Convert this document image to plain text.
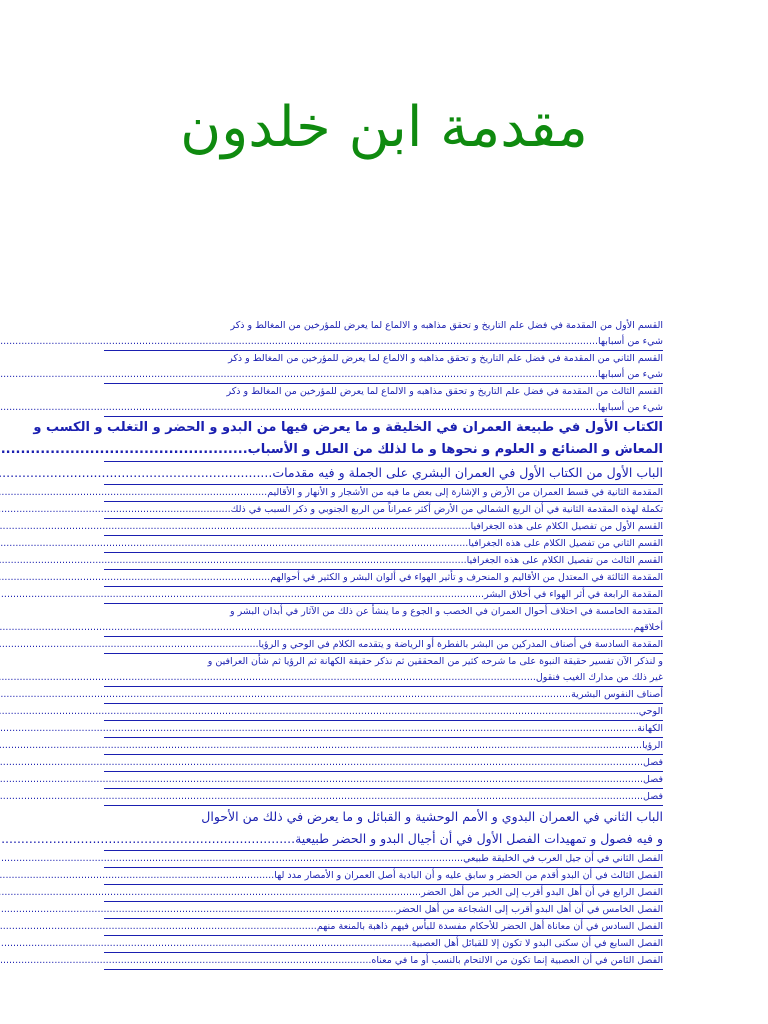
مقدمة ابن خلدون
القسم الأول من المقدمة في فضل علم التاريخ و تحقق مذاهبه و الالماع لما يعرض للمؤرخين من المغالط و ذكر
شيء من أسبابها
.....
القسم الثاني من المقدمة في فضل علم التاريخ و تحقق مذاهبه و الالماع لما يعرض للمؤرخين من المغالط و ذكر
شيء من أسبابها
.....
القسم الثالث من المقدمة في فضل علم التاريخ و تحقق مذاهبه و الالماع لما يعرض للمؤرخين من المغالط و ذكر
شيء من أسبابها
.....
الكتاب الأول في طبيعة العمران في الخليقة و ما يعرض فيها من البدو و الحضر و التغلب و الكسب و
المعاش و الصنائع و العلوم و نحوها و ما لذلك من العلل و الأسباب
.....
الباب الأول من الكتاب الأول في العمران البشري على الجملة و فيه مقدمات
.....
المقدمة الثانية في قسط العمران من الأرض و الإشارة إلى بعض ما فيه من الأشجار و الأنهار و الأقاليم
.....
تكملة لهذه المقدمة الثانية في أن الربع الشمالي من الأرض أكثر عمراناً من الربع الجنوبي و ذكر السبب في ذلك
.....
القسم الأول من تفصيل الكلام على هذه الجغرافيا
.....
القسم الثاني من تفصيل الكلام على هذه الجغرافيا
.....
القسم الثالث من تفصيل الكلام على هذه الجغرافيا
.....
المقدمة الثالثة في المعتدل من الأقاليم و المنحرف و تأثير الهواء في ألوان البشر و الكثير في أحوالهم
.....
المقدمة الرابعة في أثر الهواء في أخلاق البشر
.....
المقدمة الخامسة في اختلاف أحوال العمران في الخصب و الجوع و ما ينشأ عن ذلك من الآثار في أبدان البشر و
أخلاقهم
.....
المقدمة السادسة في أصناف المدركين من البشر بالفطرة أو الرياضة و يتقدمه الكلام في الوحي و الرؤيا
.....
و لنذكر الآن تفسير حقيقة النبوة على ما شرحه كثير من المحققين ثم نذكر حقيقة الكهانة ثم الرؤيا ثم شأن العرافين و
غير ذلك من مدارك الغيب فنقول
.....
أصناف النفوس البشرية
.....
الوحي
.....
الكهانة
.....
الرؤيا
.....
فصل
.....
فصل
.....
فصل
.....
الباب الثاني في العمران البدوي و الأمم الوحشية و القبائل و ما يعرض في ذلك من الأحوال
و فيه فصول و تمهيدات الفصل الأول في أن أجيال البدو و الحضر طبيعية
.....
الفصل الثاني في أن جيل العرب في الخليقة طبيعي
.....
الفصل الثالث في أن البدو أقدم من الحضر و سابق عليه و أن البادية أصل العمران و الأمصار مدد لها
.....
الفصل الرابع في أن أهل البدو أقرب إلى الخير من أهل الحضر
.....
الفصل الخامس في أن أهل البدو أقرب إلى الشجاعة من أهل الحضر
.....
الفصل السادس في أن معاناة أهل الحضر للأحكام مفسدة للبأس فيهم ذاهبة بالمنعة منهم
.....
الفصل السابع في أن سكنى البدو لا تكون إلا للقبائل أهل العصبية
.....
الفصل الثامن في أن العصبية إنما تكون من الالتحام بالنسب أو ما في معناه
.....
